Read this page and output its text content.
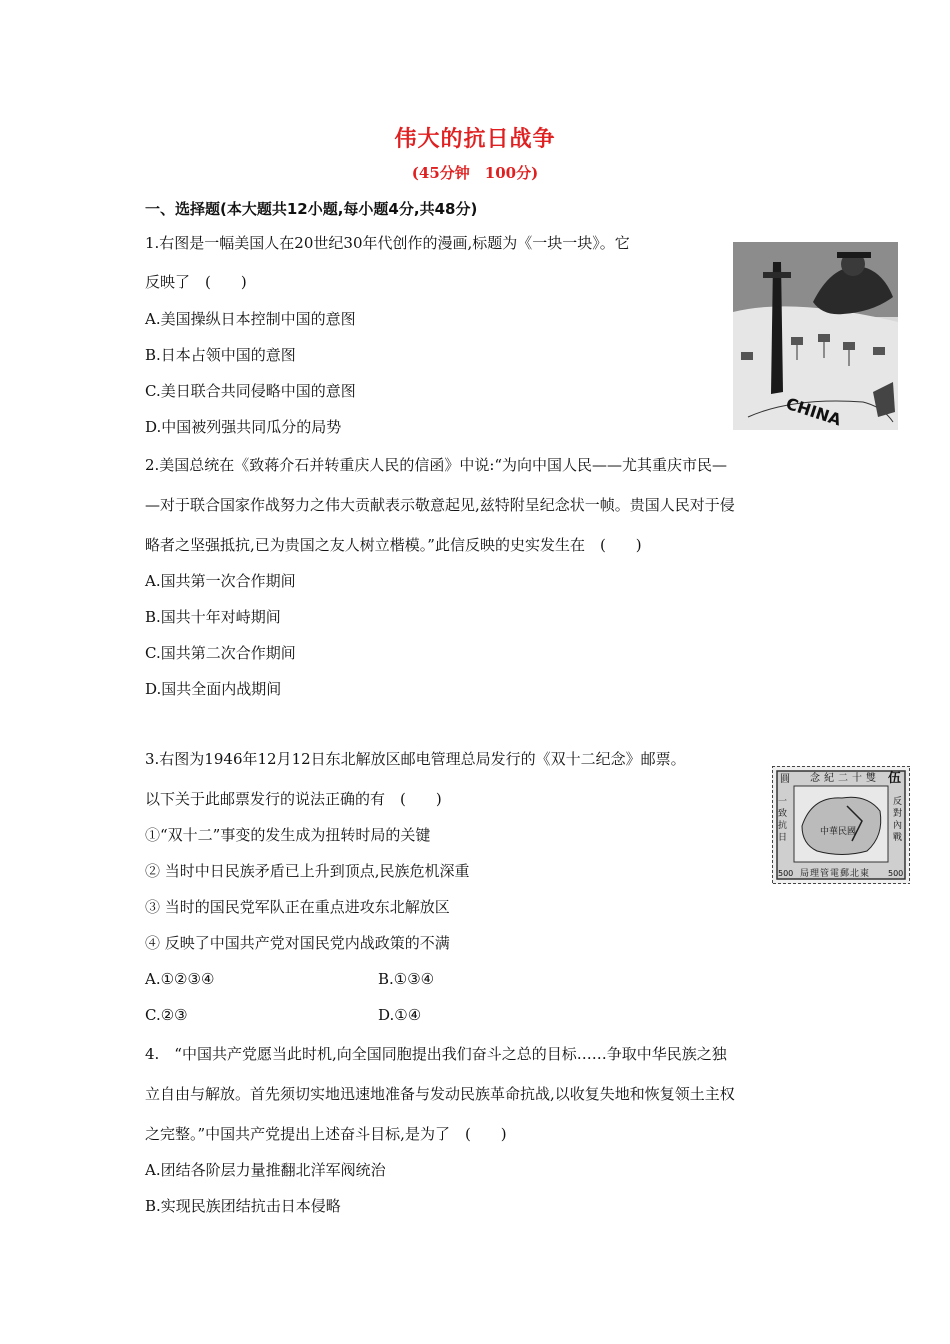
伟大的抗日战争
(45分钟　100分)
一、选择题(本大题共12小题,每小题4分,共48分)
1.右图是一幅美国人在20世纪30年代创作的漫画,标题为《一块一块》。它
反映了　(　　)
A.美国操纵日本控制中国的意图
B.日本占领中国的意图
C.美日联合共同侵略中国的意图
D.中国被列强共同瓜分的局势	CHINA
2.美国总统在《致蒋介石并转重庆人民的信函》中说:“为向中国人民——尤其重庆市民—
—对于联合国家作战努力之伟大贡献表示敬意起见,兹特附呈纪念状一帧。贵国人民对于侵
略者之坚强抵抗,已为贵国之友人树立楷模。”此信反映的史实发生在　(　　)
A.国共第一次合作期间
B.国共十年对峙期间
C.国共第二次合作期间
D.国共全面内战期间
3.右图为1946年12月12日东北解放区邮电管理总局发行的《双十二纪念》邮票。
以下关于此邮票发行的说法正确的有　(　　)
①“双十二”事变的发生成为扭转时局的关键
② 当时中日民族矛盾已上升到顶点,民族危机深重
③ 当时的国民党军队正在重点进攻东北解放区
④ 反映了中国共产党对国民党内战政策的不满
A.①②③④	B.①③④
C.②③	D.①④
念紀二十雙 伍
圓
一致抗日	反對內戰
中華民國
500	500
局理管電郵北東
4.　“中国共产党愿当此时机,向全国同胞提出我们奋斗之总的目标……争取中华民族之独
立自由与解放。首先须切实地迅速地准备与发动民族革命抗战,以收复失地和恢复领土主权
之完整。”中国共产党提出上述奋斗目标,是为了　(　　)
A.团结各阶层力量推翻北洋军阀统治
B.实现民族团结抗击日本侵略
